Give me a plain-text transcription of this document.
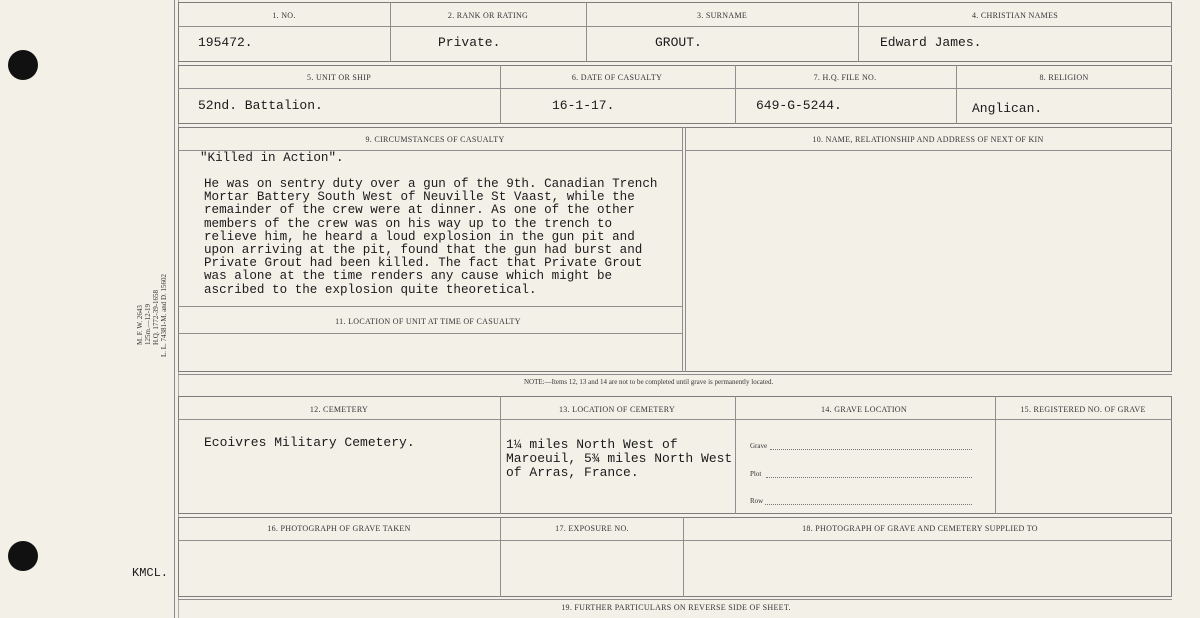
M. F. W. 2643 125m.—12-19 H.Q. 1772-39-1658 L. L. 74381-M. and D. 15602
KMCL.
1. NO.	2. RANK OR RATING	3. SURNAME	4. CHRISTIAN NAMES
195472.	Private.	GROUT.	Edward James.
5. UNIT OR SHIP	6. DATE OF CASUALTY	7. H.Q. FILE NO.	8. RELIGION
52nd. Battalion.	16-1-17.	649-G-5244.	Anglican.
9. CIRCUMSTANCES OF CASUALTY	10. NAME, RELATIONSHIP AND ADDRESS OF NEXT OF KIN
11. LOCATION OF UNIT AT TIME OF CASUALTY
"Killed in Action".
He was on sentry duty over a gun of the 9th. Canadian Trench
Mortar Battery South West of Neuville St Vaast, while the
remainder of the crew were at dinner. As one of the other
members of the crew was on his way up to the trench to
relieve him, he heard a loud explosion in the gun pit and
upon arriving at the pit, found that the gun had burst and
Private Grout had been killed. The fact that Private Grout
was alone at the time renders any cause which might be
ascribed to the explosion quite theoretical.
NOTE:—Items 12, 13 and 14 are not to be completed until grave is permanently located.
12. CEMETERY	13. LOCATION OF CEMETERY	14. GRAVE LOCATION	15. REGISTERED NO. OF GRAVE
Ecoivres Military Cemetery.	1¼ miles North West of
Maroeuil, 5¾ miles North West
of Arras, France.
Grave
Plot
Row
16. PHOTOGRAPH OF GRAVE TAKEN	17. EXPOSURE NO.	18. PHOTOGRAPH OF GRAVE AND CEMETERY SUPPLIED TO
19. FURTHER PARTICULARS ON REVERSE SIDE OF SHEET.
